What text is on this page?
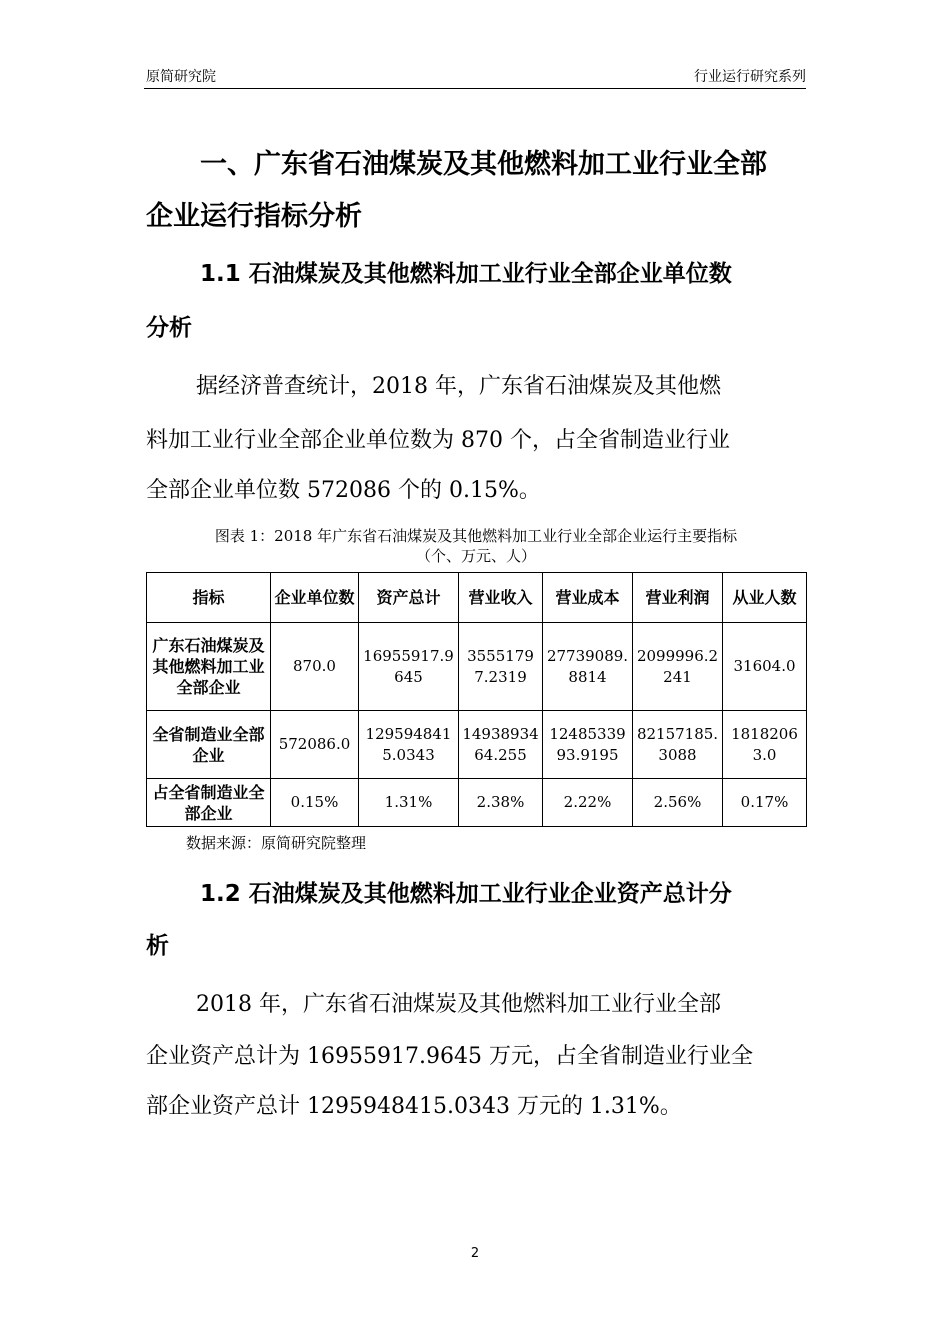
原简研究院	行业运行研究系列
一、广东省石油煤炭及其他燃料加工业行业全部
企业运行指标分析
1.1 石油煤炭及其他燃料加工业行业全部企业单位数
分析
据经济普查统计，2018 年，广东省石油煤炭及其他燃
料加工业行业全部企业单位数为 870 个，占全省制造业行业
全部企业单位数 572086 个的 0.15%。
图表 1：2018 年广东省石油煤炭及其他燃料加工业行业全部企业运行主要指标
（个、万元、人）
指标	企业单位数	资产总计	营业收入	营业成本	营业利润	从业人数
广东石油煤炭及其他燃料加工业全部企业	870.0	16955917.9645	35551797.2319	27739089.8814	2099996.2241	31604.0
全省制造业全部企业	572086.0	1295948415.0343	1493893464.255	1248533993.9195	82157185.3088	18182063.0
占全省制造业全部企业	0.15%	1.31%	2.38%	2.22%	2.56%	0.17%
数据来源：原简研究院整理
1.2 石油煤炭及其他燃料加工业行业企业资产总计分
析
2018 年，广东省石油煤炭及其他燃料加工业行业全部
企业资产总计为 16955917.9645 万元，占全省制造业行业全
部企业资产总计 1295948415.0343 万元的 1.31%。
2
